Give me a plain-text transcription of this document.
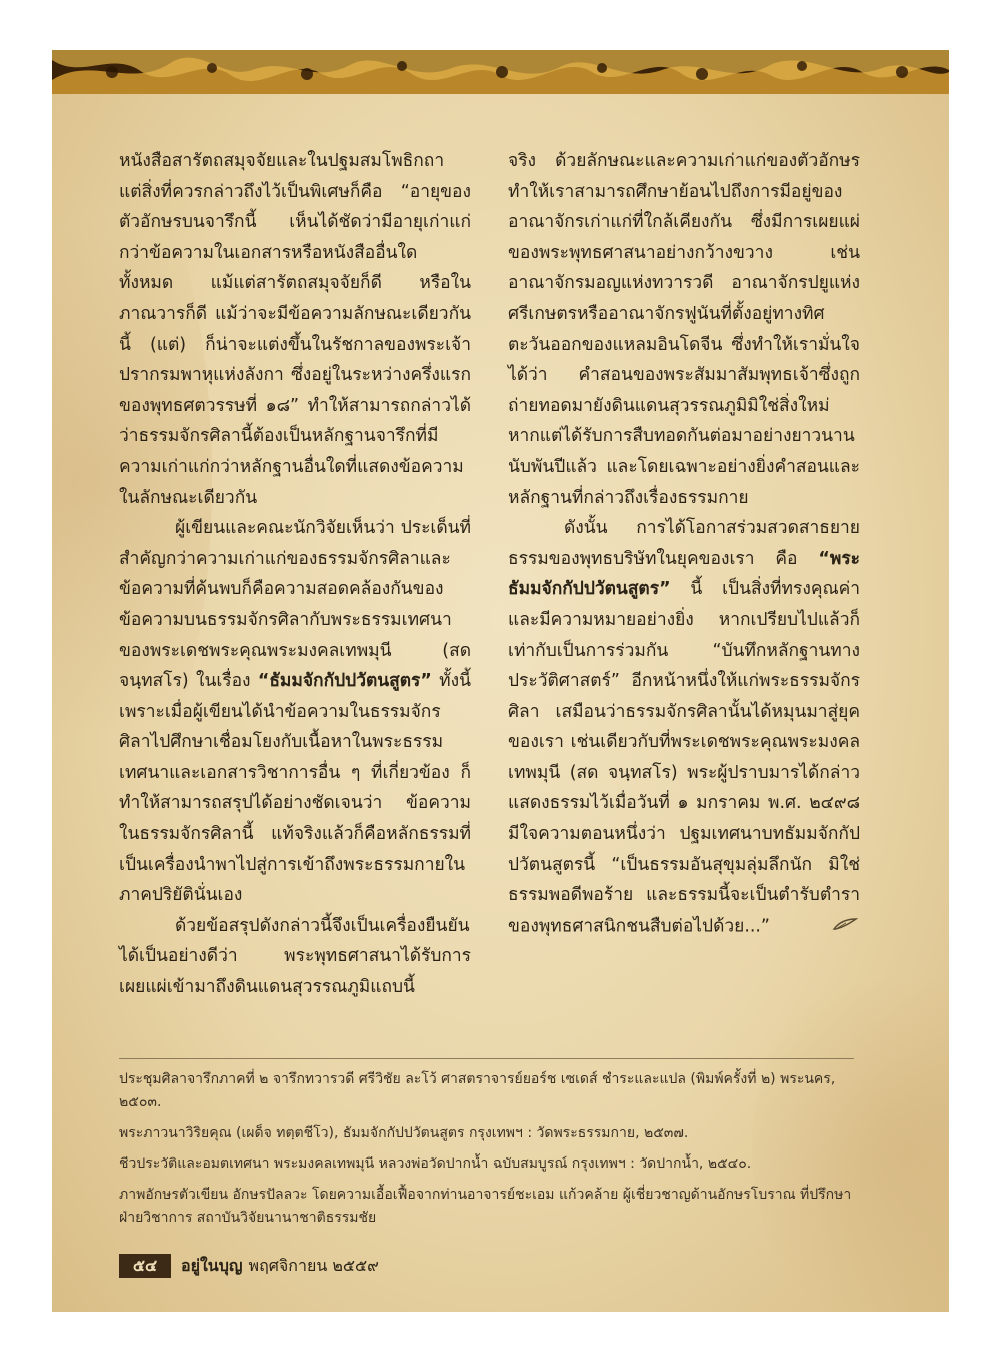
หนังสือสารัตถสมุจจัยและในปฐมสมโพธิกถา แต่สิ่งที่ควรกล่าวถึงไว้เป็นพิเศษก็คือ “อายุของตัวอักษรบนจารึกนี้ เห็นได้ชัดว่ามีอายุเก่าแก่กว่าข้อความในเอกสารหรือหนังสืออื่นใดทั้งหมด แม้แต่สารัตถสมุจจัยก็ดี หรือในภาณวารก็ดี แม้ว่าจะมีข้อความลักษณะเดียวกันนี้ (แต่) ก็น่าจะแต่งขึ้นในรัชกาลของพระเจ้าปรากรมพาหุแห่งลังกา ซึ่งอยู่ในระหว่างครึ่งแรกของพุทธศตวรรษที่ ๑๘” ทำให้สามารถกล่าวได้ว่าธรรมจักรศิลานี้ต้องเป็นหลักฐานจารึกที่มีความเก่าแก่กว่าหลักฐานอื่นใดที่แสดงข้อความในลักษณะเดียวกัน

ผู้เขียนและคณะนักวิจัยเห็นว่า ประเด็นที่สำคัญกว่าความเก่าแก่ของธรรมจักรศิลาและข้อความที่ค้นพบก็คือความสอดคล้องกันของข้อความบนธรรมจักรศิลากับพระธรรมเทศนาของพระเดชพระคุณพระมงคลเทพมุนี (สด จนฺทสโร) ในเรื่อง “ธัมมจักกัปปวัตนสูตร” ทั้งนี้เพราะเมื่อผู้เขียนได้นำข้อความในธรรมจักรศิลาไปศึกษาเชื่อมโยงกับเนื้อหาในพระธรรมเทศนาและเอกสารวิชาการอื่น ๆ ที่เกี่ยวข้อง ก็ทำให้สามารถสรุปได้อย่างชัดเจนว่า ข้อความในธรรมจักรศิลานี้ แท้จริงแล้วก็คือหลักธรรมที่เป็นเครื่องนำพาไปสู่การเข้าถึงพระธรรมกายในภาคปริยัตินั่นเอง

ด้วยข้อสรุปดังกล่าวนี้จึงเป็นเครื่องยืนยันได้เป็นอย่างดีว่า พระพุทธศาสนาได้รับการเผยแผ่เข้ามาถึงดินแดนสุวรรณภูมิแถบนี้

จริง ด้วยลักษณะและความเก่าแก่ของตัวอักษรทำให้เราสามารถศึกษาย้อนไปถึงการมีอยู่ของอาณาจักรเก่าแก่ที่ใกล้เคียงกัน ซึ่งมีการเผยแผ่ของพระพุทธศาสนาอย่างกว้างขวาง เช่น อาณาจักรมอญแห่งทวารวดี อาณาจักรปยูแห่งศรีเกษตรหรืออาณาจักรฟูนันที่ตั้งอยู่ทางทิศตะวันออกของแหลมอินโดจีน ซึ่งทำให้เรามั่นใจได้ว่า คำสอนของพระสัมมาสัมพุทธเจ้าซึ่งถูกถ่ายทอดมายังดินแดนสุวรรณภูมิมิใช่สิ่งใหม่ หากแต่ได้รับการสืบทอดกันต่อมาอย่างยาวนานนับพันปีแล้ว และโดยเฉพาะอย่างยิ่งคำสอนและหลักฐานที่กล่าวถึงเรื่องธรรมกาย

ดังนั้น การได้โอกาสร่วมสวดสาธยายธรรมของพุทธบริษัทในยุคของเรา คือ “พระธัมมจักกัปปวัตนสูตร” นี้ เป็นสิ่งที่ทรงคุณค่าและมีความหมายอย่างยิ่ง หากเปรียบไปแล้วก็เท่ากับเป็นการร่วมกัน “บันทึกหลักฐานทางประวัติศาสตร์” อีกหน้าหนึ่งให้แก่พระธรรมจักรศิลา เสมือนว่าธรรมจักรศิลานั้นได้หมุนมาสู่ยุคของเรา เช่นเดียวกับที่พระเดชพระคุณพระมงคลเทพมุนี (สด จนฺทสโร) พระผู้ปราบมารได้กล่าวแสดงธรรมไว้เมื่อวันที่ ๑ มกราคม พ.ศ. ๒๔๙๘ มีใจความตอนหนึ่งว่า ปฐมเทศนาบทธัมมจักกัปปวัตนสูตรนี้ “เป็นธรรมอันสุขุมลุ่มลึกนัก มิใช่ธรรมพอดีพอร้าย และธรรมนี้จะเป็นตำรับตำราของพุทธศาสนิกชนสืบต่อไปด้วย...”

ประชุมศิลาจารึกภาคที่ ๒ จารึกทวารวดี ศรีวิชัย ละโว้ ศาสตราจารย์ยอร์ช เซเดส์ ชำระและแปล (พิมพ์ครั้งที่ ๒) พระนคร, ๒๕๐๓.

พระภาวนาวิริยคุณ (เผด็จ ทตฺตชีโว), ธัมมจักกัปปวัตนสูตร กรุงเทพฯ : วัดพระธรรมกาย, ๒๕๓๗.

ชีวประวัติและอมตเทศนา พระมงคลเทพมุนี หลวงพ่อวัดปากน้ำ ฉบับสมบูรณ์ กรุงเทพฯ : วัดปากน้ำ, ๒๕๔๐.

ภาพอักษรตัวเขียน อักษรปัลลวะ โดยความเอื้อเฟื้อจากท่านอาจารย์ชะเอม แก้วคล้าย ผู้เชี่ยวชาญด้านอักษรโบราณ ที่ปรึกษาฝ่ายวิชาการ สถาบันวิจัยนานาชาติธรรมชัย

๕๔	อยู่ในบุญ พฤศจิกายน ๒๕๕๙
